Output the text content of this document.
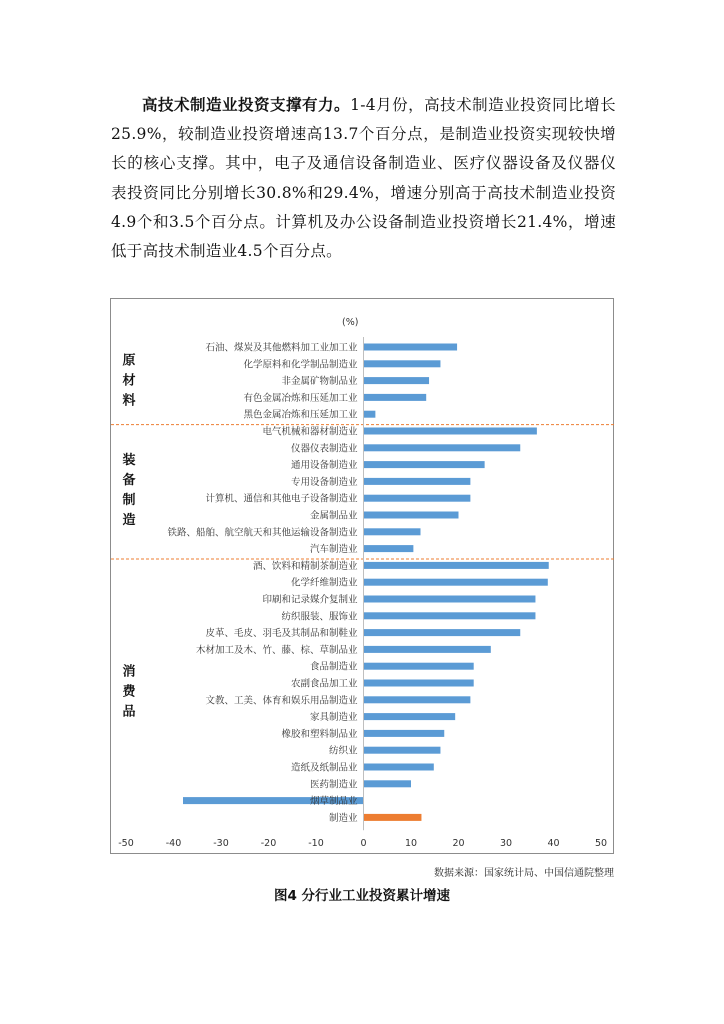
高技术制造业投资支撑有力。1-4月份，高技术制造业投资同比增长25.9%，较制造业投资增速高13.7个百分点，是制造业投资实现较快增长的核心支撑。其中，电子及通信设备制造业、医疗仪器设备及仪器仪表投资同比分别增长30.8%和29.4%，增速分别高于高技术制造业投资4.9个和3.5个百分点。计算机及办公设备制造业投资增长21.4%，增速低于高技术制造业4.5个百分点。

(%)
原
材
料
装
备
制
造
消
费
品
石油、煤炭及其他燃料加工业加工业
化学原料和化学制品制造业
非金属矿物制品业
有色金属冶炼和压延加工业
黑色金属冶炼和压延加工业
电气机械和器材制造业
仪器仪表制造业
通用设备制造业
专用设备制造业
计算机、通信和其他电子设备制造业
金属制品业
铁路、船舶、航空航天和其他运输设备制造业
汽车制造业
酒、饮料和精制茶制造业
化学纤维制造业
印刷和记录媒介复制业
纺织服装、服饰业
皮革、毛皮、羽毛及其制品和制鞋业
木材加工及木、竹、藤、棕、草制品业
食品制造业
农副食品加工业
文教、工美、体育和娱乐用品制造业
家具制造业
橡胶和塑料制品业
纺织业
造纸及纸制品业
医药制造业
烟草制品业
制造业
-50	-40	-30	-20	-10	0	10	20	30	40	50
数据来源：国家统计局、中国信通院整理
图4 分行业工业投资累计增速
